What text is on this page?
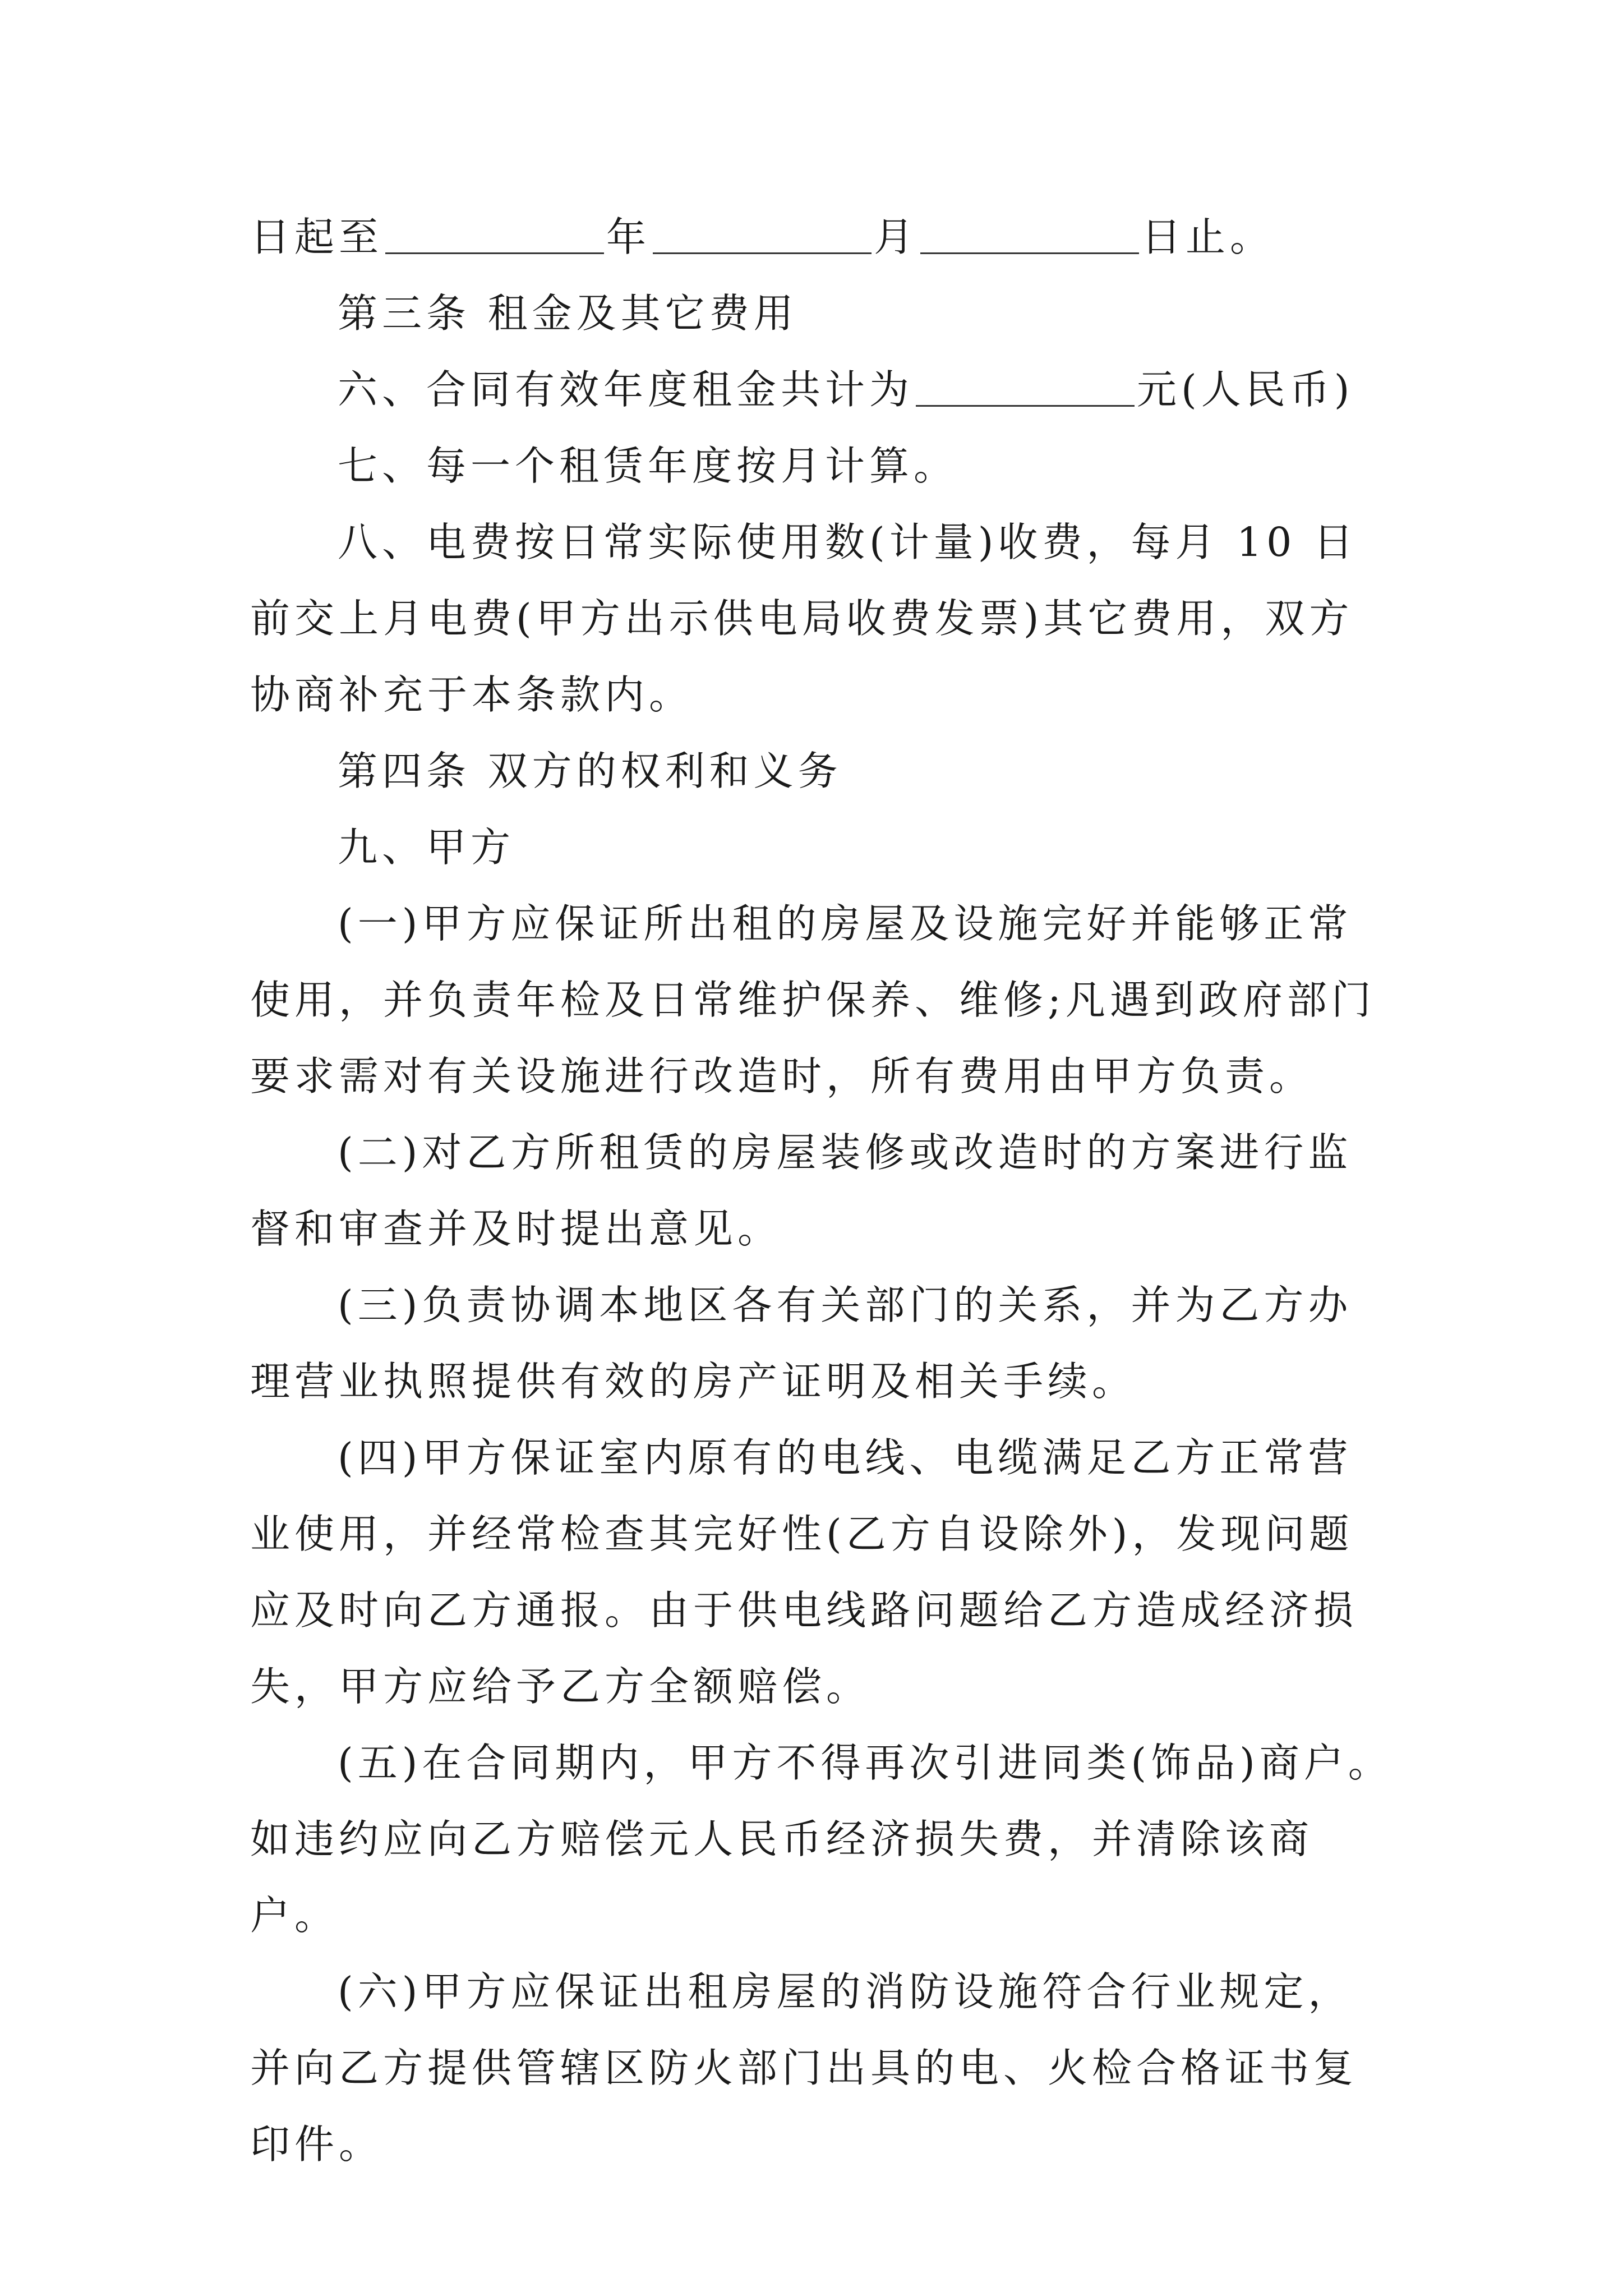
日起至	年	月	日止。

第三条 租金及其它费用

六、合同有效年度租金共计为	元(人民币)

七、每一个租赁年度按月计算。

八、电费按日常实际使用数(计量)收费，每月 10 日前交上月电费(甲方出示供电局收费发票)其它费用，双方协商补充于本条款内。

第四条 双方的权利和义务

九、甲方

(一)甲方应保证所出租的房屋及设施完好并能够正常使用，并负责年检及日常维护保养、维修;凡遇到政府部门要求需对有关设施进行改造时，所有费用由甲方负责。

(二)对乙方所租赁的房屋装修或改造时的方案进行监督和审查并及时提出意见。

(三)负责协调本地区各有关部门的关系，并为乙方办理营业执照提供有效的房产证明及相关手续。

(四)甲方保证室内原有的电线、电缆满足乙方正常营业使用，并经常检查其完好性(乙方自设除外)，发现问题应及时向乙方通报。由于供电线路问题给乙方造成经济损失，甲方应给予乙方全额赔偿。

(五)在合同期内，甲方不得再次引进同类(饰品)商户。如违约应向乙方赔偿元人民币经济损失费，并清除该商户。

(六)甲方应保证出租房屋的消防设施符合行业规定，并向乙方提供管辖区防火部门出具的电、火检合格证书复印件。
